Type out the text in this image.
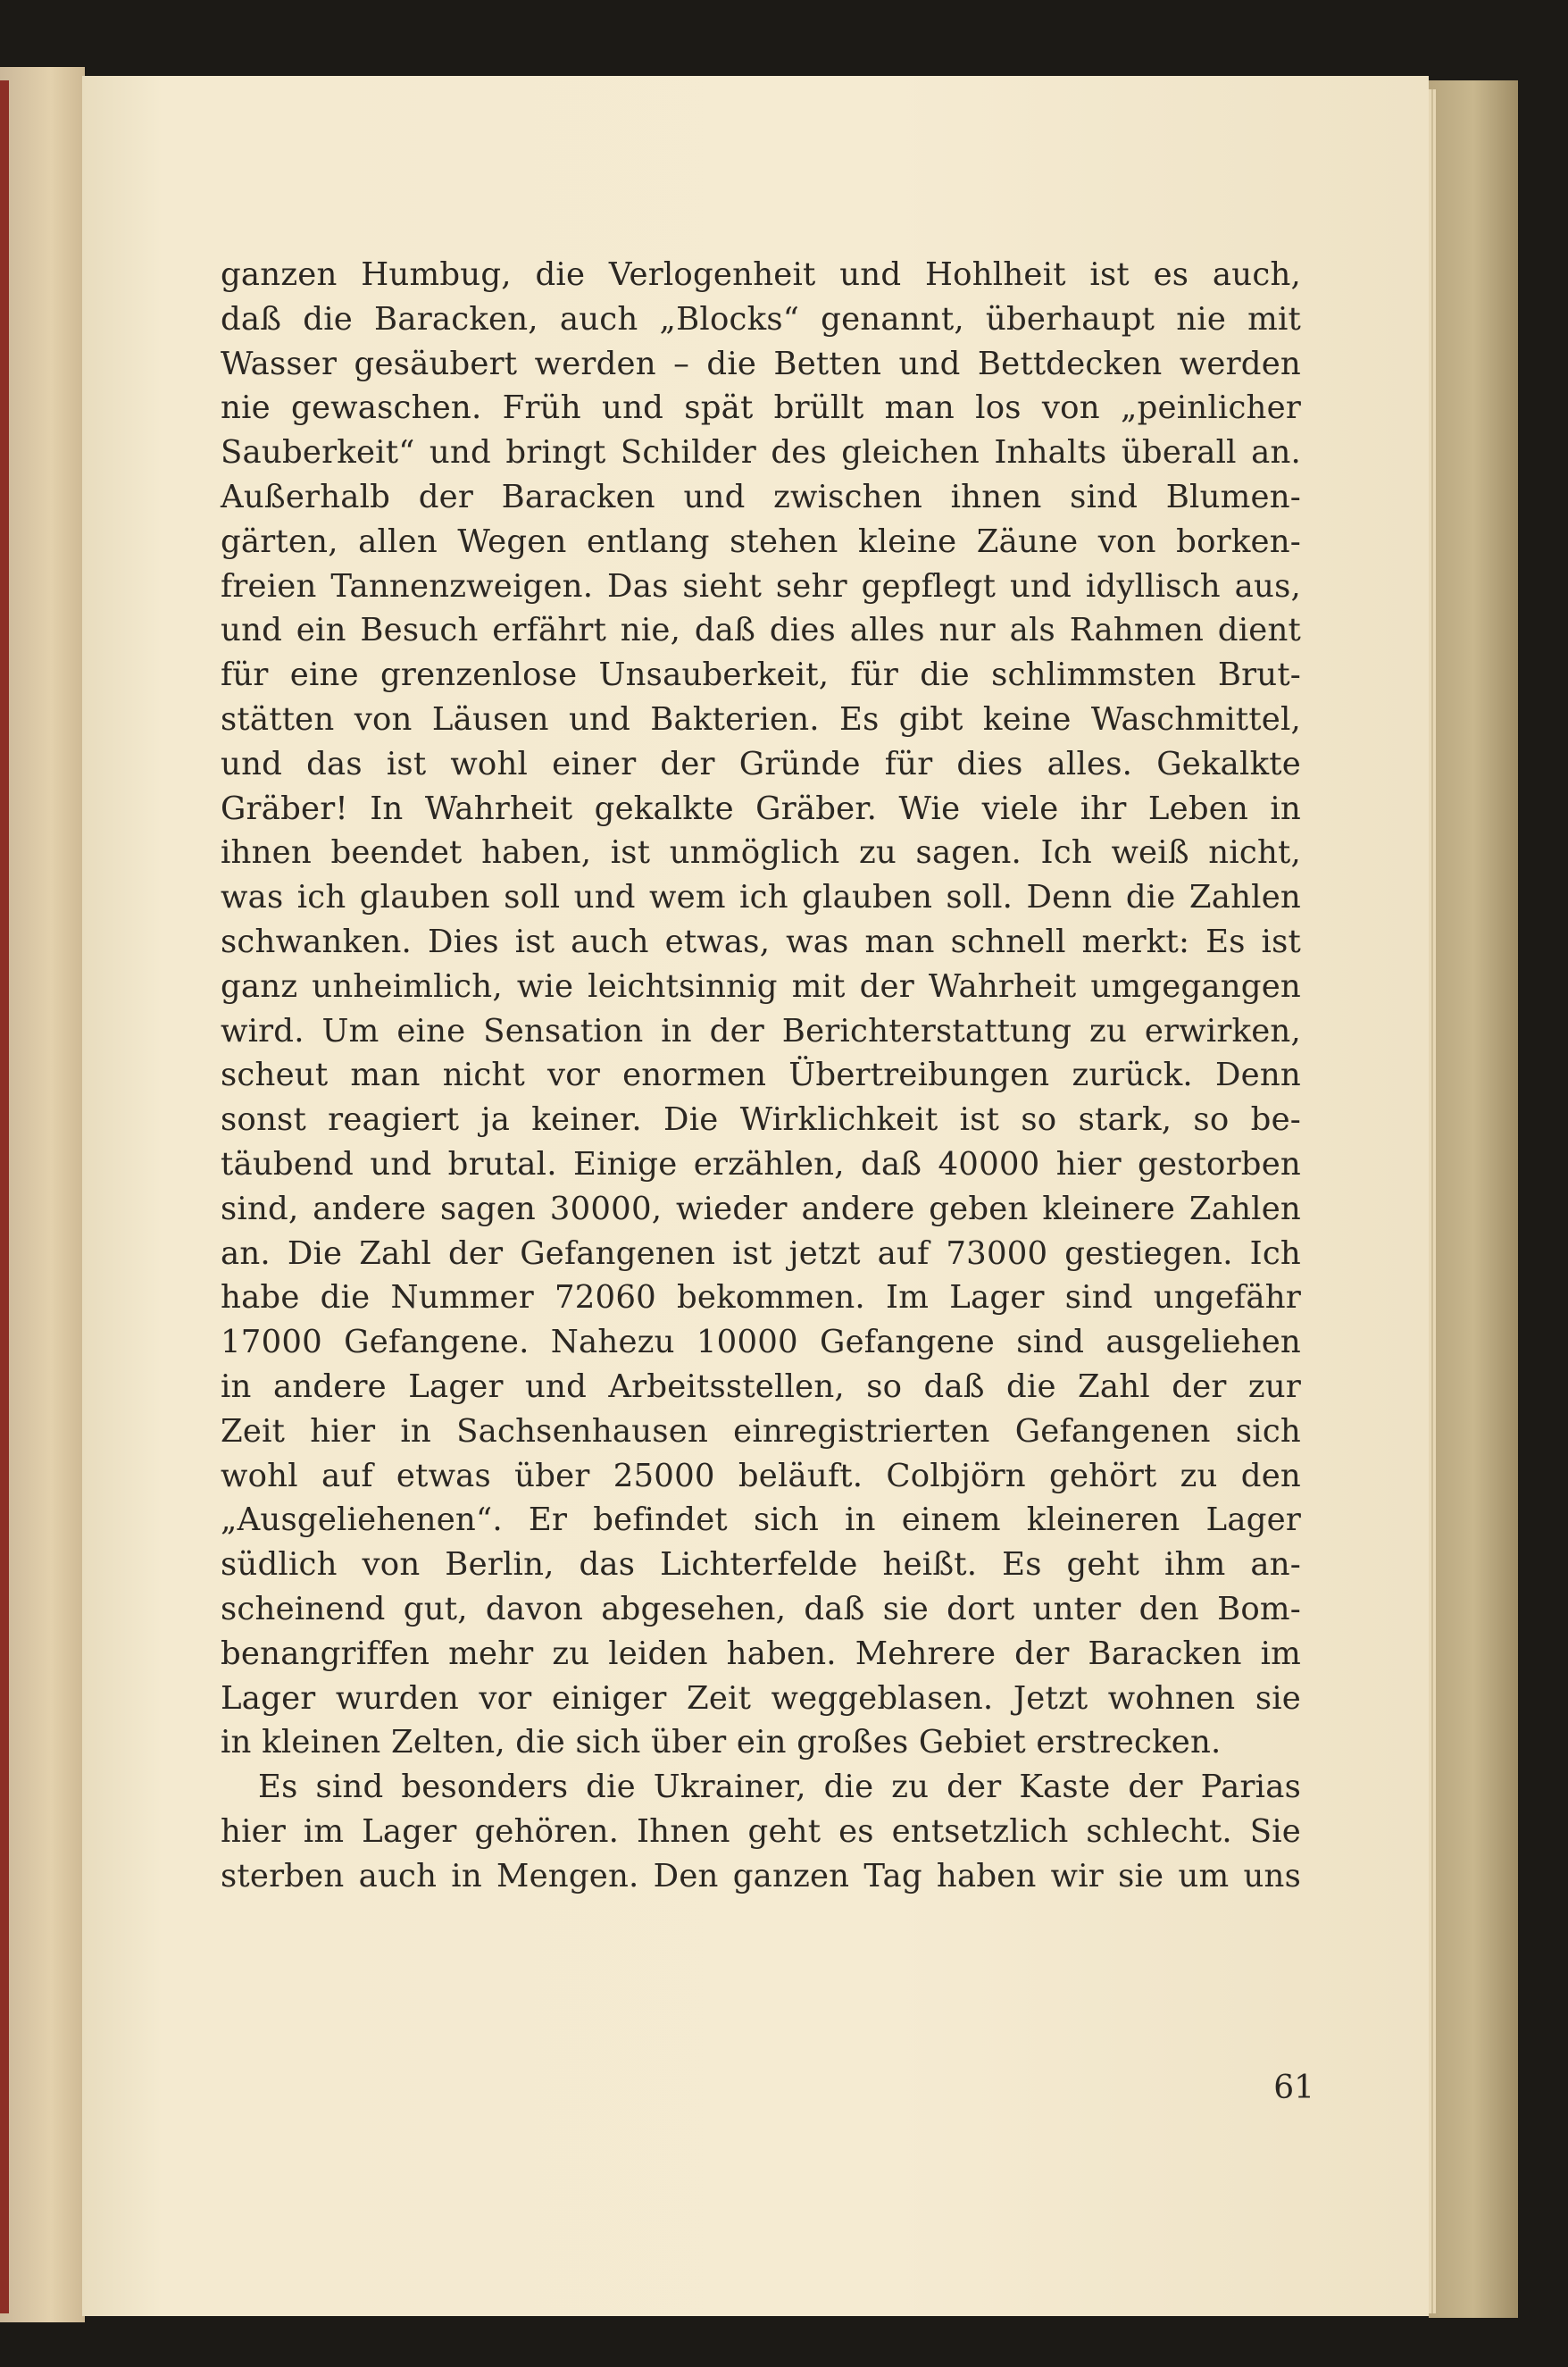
ganzen Humbug, die Verlogenheit und Hohlheit ist es auch,
daß die Baracken, auch „Blocks“ genannt, überhaupt nie mit
Wasser gesäubert werden – die Betten und Bettdecken werden
nie gewaschen. Früh und spät brüllt man los von „peinlicher
Sauberkeit“ und bringt Schilder des gleichen Inhalts überall an.
Außerhalb der Baracken und zwischen ihnen sind Blumen-
gärten, allen Wegen entlang stehen kleine Zäune von borken-
freien Tannenzweigen. Das sieht sehr gepflegt und idyllisch aus,
und ein Besuch erfährt nie, daß dies alles nur als Rahmen dient
für eine grenzenlose Unsauberkeit, für die schlimmsten Brut-
stätten von Läusen und Bakterien. Es gibt keine Waschmittel,
und das ist wohl einer der Gründe für dies alles. Gekalkte
Gräber! In Wahrheit gekalkte Gräber. Wie viele ihr Leben in
ihnen beendet haben, ist unmöglich zu sagen. Ich weiß nicht,
was ich glauben soll und wem ich glauben soll. Denn die Zahlen
schwanken. Dies ist auch etwas, was man schnell merkt: Es ist
ganz unheimlich, wie leichtsinnig mit der Wahrheit umgegangen
wird. Um eine Sensation in der Berichterstattung zu erwirken,
scheut man nicht vor enormen Übertreibungen zurück. Denn
sonst reagiert ja keiner. Die Wirklichkeit ist so stark, so be-
täubend und brutal. Einige erzählen, daß 40000 hier gestorben
sind, andere sagen 30000, wieder andere geben kleinere Zahlen
an. Die Zahl der Gefangenen ist jetzt auf 73000 gestiegen. Ich
habe die Nummer 72060 bekommen. Im Lager sind ungefähr
17000 Gefangene. Nahezu 10000 Gefangene sind ausgeliehen
in andere Lager und Arbeitsstellen, so daß die Zahl der zur
Zeit hier in Sachsenhausen einregistrierten Gefangenen sich
wohl auf etwas über 25000 beläuft. Colbjörn gehört zu den
„Ausgeliehenen“. Er befindet sich in einem kleineren Lager
südlich von Berlin, das Lichterfelde heißt. Es geht ihm an-
scheinend gut, davon abgesehen, daß sie dort unter den Bom-
benangriffen mehr zu leiden haben. Mehrere der Baracken im
Lager wurden vor einiger Zeit weggeblasen. Jetzt wohnen sie
in kleinen Zelten, die sich über ein großes Gebiet erstrecken.
Es sind besonders die Ukrainer, die zu der Kaste der Parias
hier im Lager gehören. Ihnen geht es entsetzlich schlecht. Sie
sterben auch in Mengen. Den ganzen Tag haben wir sie um uns
61
